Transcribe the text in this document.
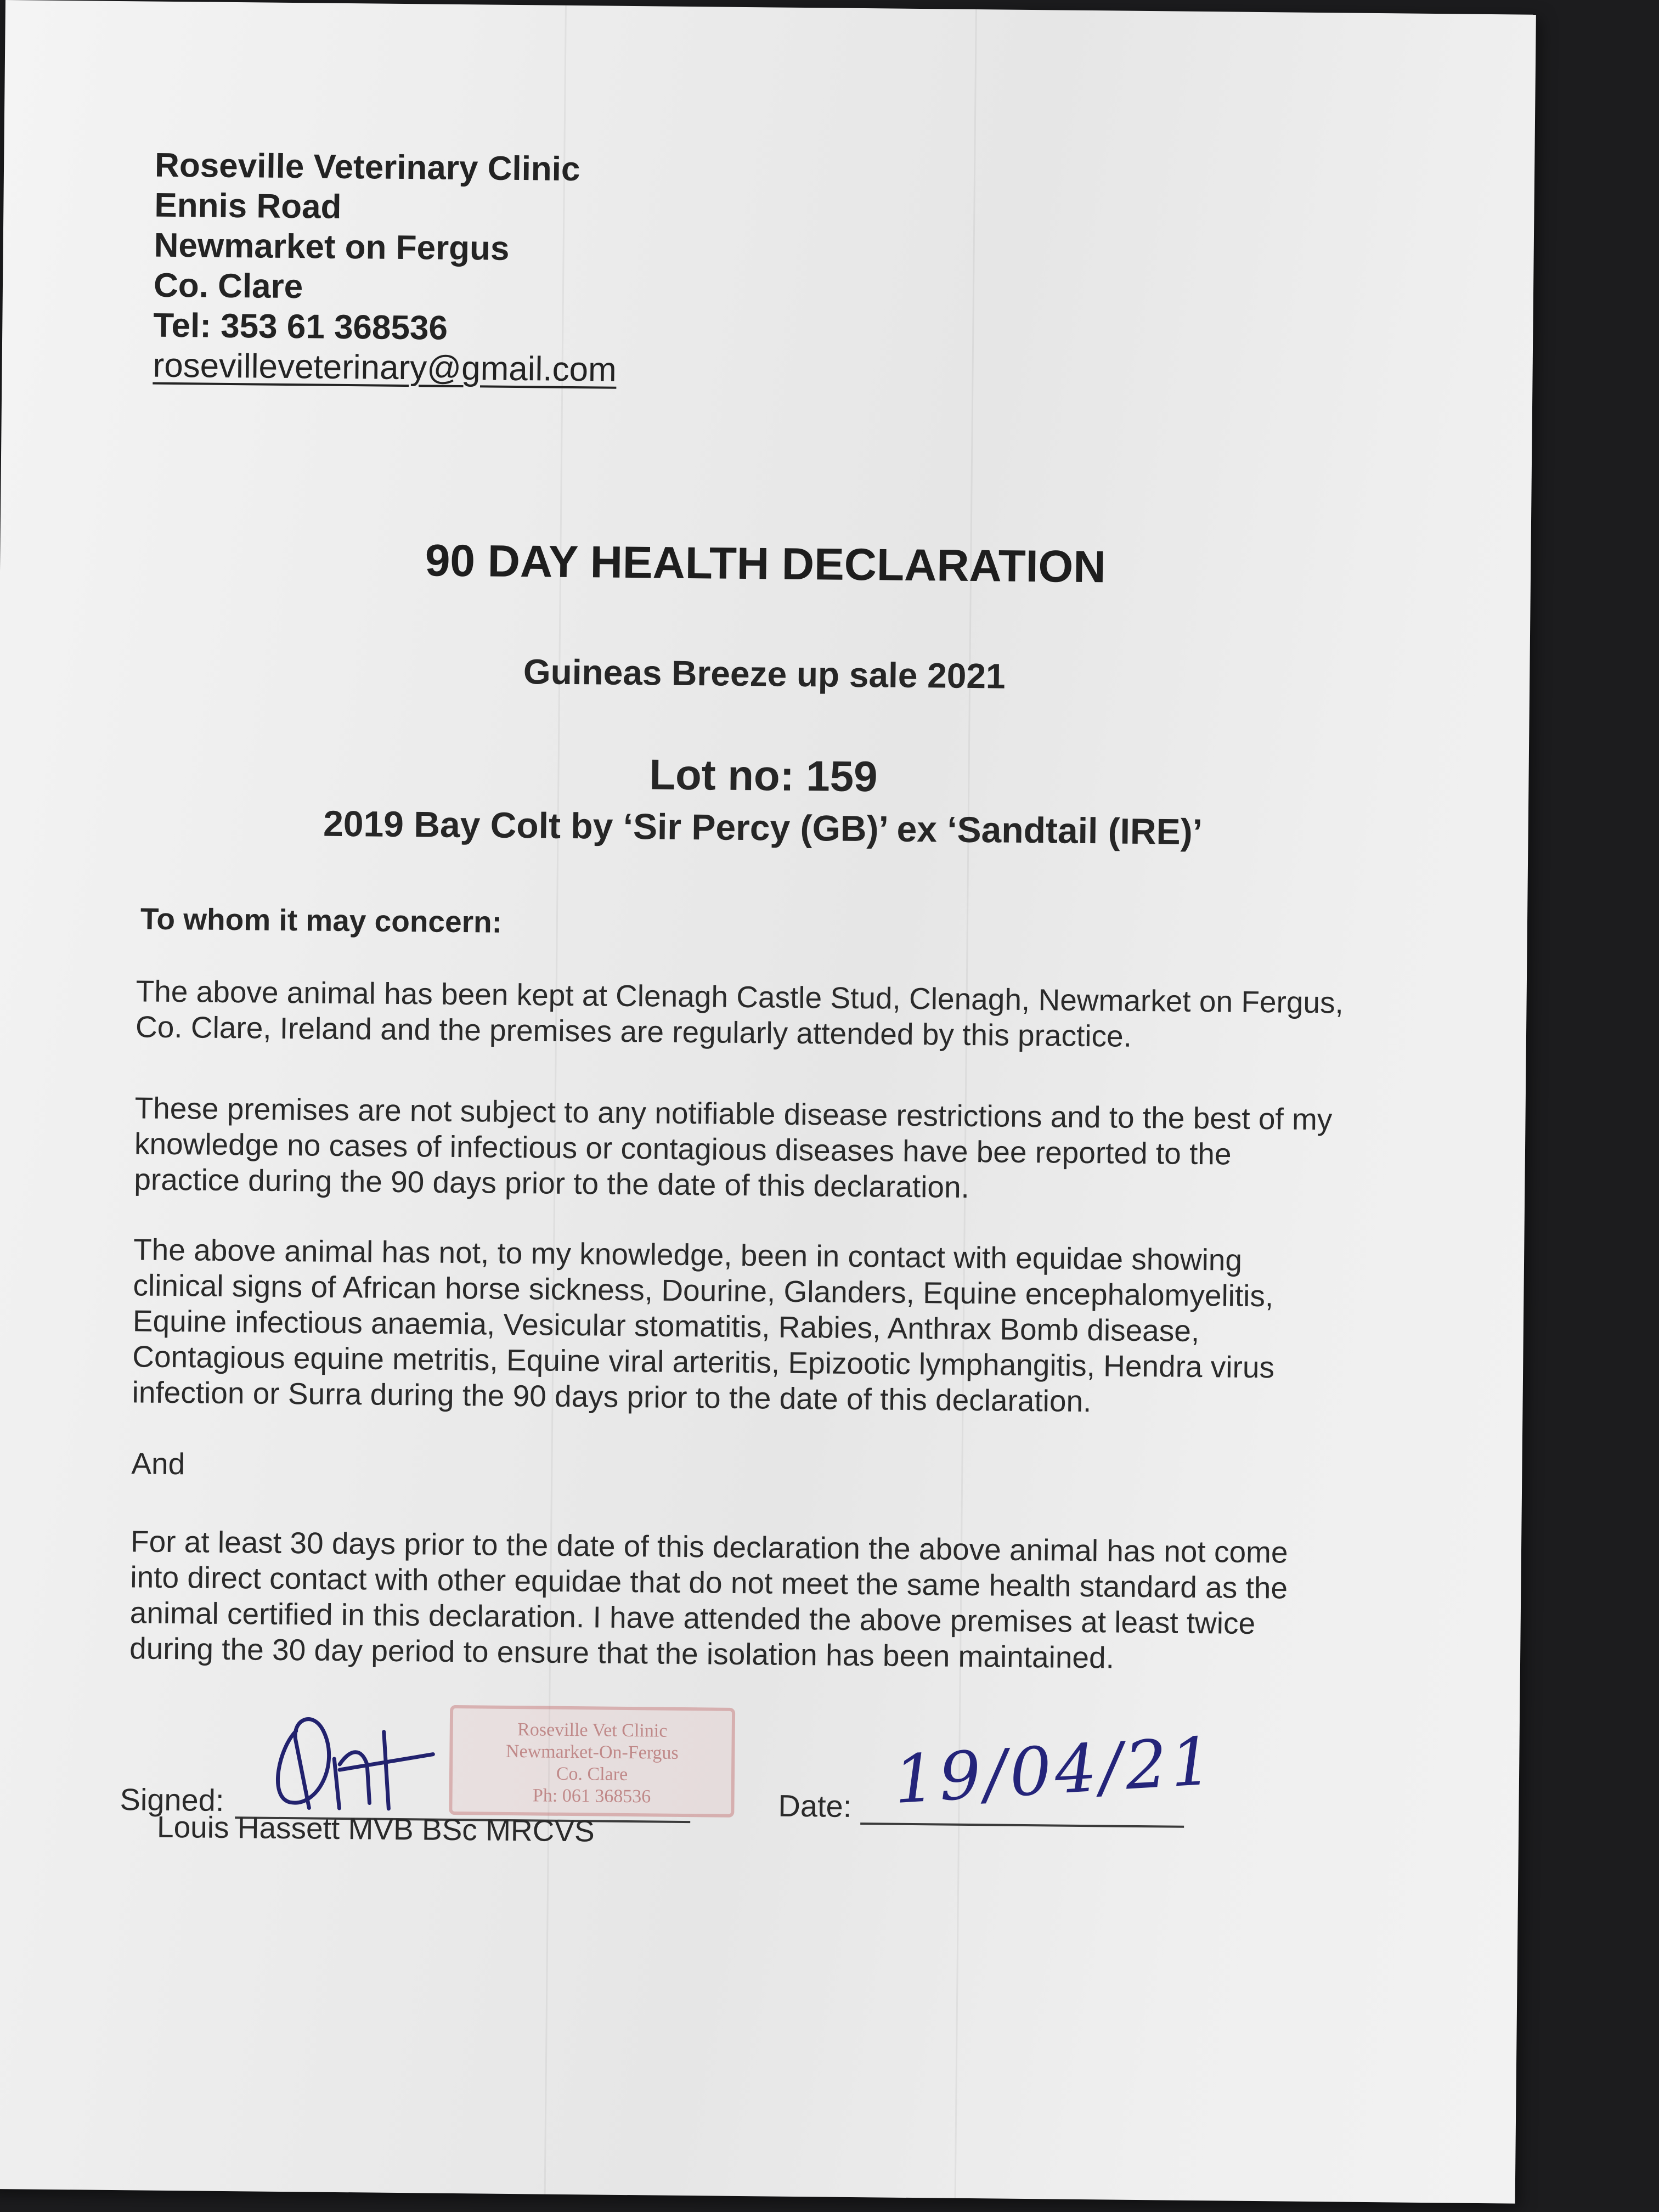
Roseville Veterinary Clinic
Ennis Road
Newmarket on Fergus
Co. Clare
Tel: 353 61 368536
rosevilleveterinary@gmail.com
90 DAY HEALTH DECLARATION
Guineas Breeze up sale 2021
Lot no: 159
2019 Bay Colt by ‘Sir Percy (GB)’ ex ‘Sandtail (IRE)’
To whom it may concern:
The above animal has been kept at Clenagh Castle Stud, Clenagh, Newmarket on Fergus,
Co. Clare, Ireland and the premises are regularly attended by this practice.
These premises are not subject to any notifiable disease restrictions and to the best of my
knowledge no cases of infectious or contagious diseases have bee reported to the
practice during the 90 days prior to the date of this declaration.
The above animal has not, to my knowledge, been in contact with equidae showing
clinical signs of African horse sickness, Dourine, Glanders, Equine encephalomyelitis,
Equine infectious anaemia, Vesicular stomatitis, Rabies, Anthrax Bomb disease,
Contagious equine metritis, Equine viral arteritis, Epizootic lymphangitis, Hendra virus
infection or Surra during the 90 days prior to the date of this declaration.
And
For at least 30 days prior to the date of this declaration the above animal has not come
into direct contact with other equidae that do not meet the same health standard as the
animal certified in this declaration. I have attended the above premises at least twice
during the 30 day period to ensure that the isolation has been maintained.
Roseville Vet Clinic
Newmarket-On-Fergus
Co. Clare
Ph: 061 368536
Signed:	Date: 19/04/21
Louis Hassett MVB BSc MRCVS
